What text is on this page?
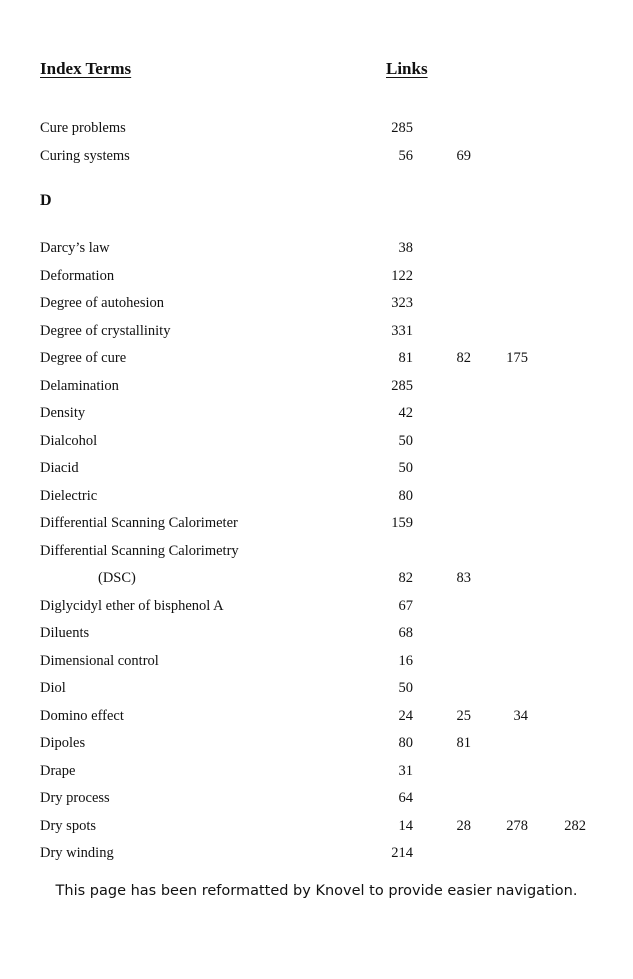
Index Terms	Links
Cure problems	285
Curing systems	56	69
D
Darcy’s law	38
Deformation	122
Degree of autohesion	323
Degree of crystallinity	331
Degree of cure	81	82	175
Delamination	285
Density	42
Dialcohol	50
Diacid	50
Dielectric	80
Differential Scanning Calorimeter	159
Differential Scanning Calorimetry
(DSC)	82	83
Diglycidyl ether of bisphenol A	67
Diluents	68
Dimensional control	16
Diol	50
Domino effect	24	25	34
Dipoles	80	81
Drape	31
Dry process	64
Dry spots	14	28	278	282
Dry winding	214
This page has been reformatted by Knovel to provide easier navigation.
